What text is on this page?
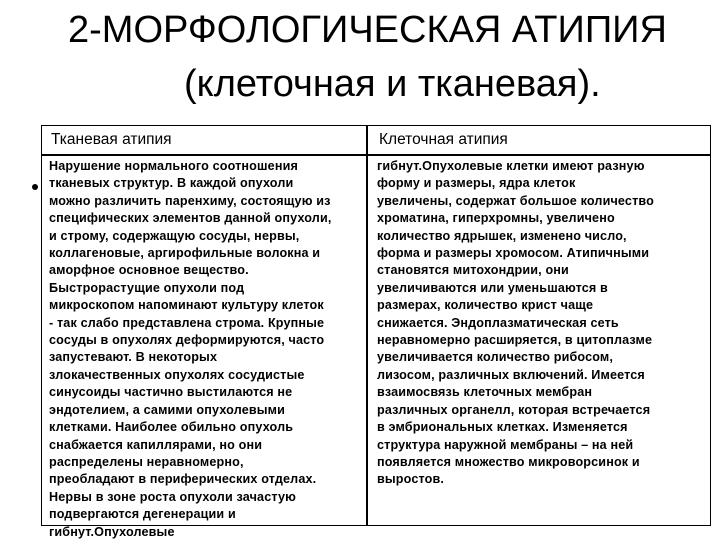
2-МОРФОЛОГИЧЕСКАЯ АТИПИЯ
(клеточная и тканевая).
Тканевая атипия	Клеточная атипия
Нарушение нормального соотношения
тканевых структур. В каждой опухоли
можно различить паренхиму, состоящую из
специфических элементов данной опухоли,
и строму, содержащую сосуды, нервы,
коллагеновые, аргирофильные волокна и
аморфное основное вещество.
Быстрорастущие опухоли под
микроскопом напоминают культуру клеток
- так слабо представлена строма. Крупные
сосуды в опухолях деформируются, часто
запустевают. В некоторых
злокачественных опухолях сосудистые
синусоиды частично выстилаются не
эндотелием, а самими опухолевыми
клетками. Наиболее обильно опухоль
снабжается капиллярами, но они
распределены неравномерно,
преобладают в периферических отделах.
Нервы в зоне роста опухоли зачастую
подвергаются дегенерации и
гибнут.Опухолевые
гибнут.Опухолевые клетки имеют разную
форму и размеры, ядра клеток
увеличены, содержат большое количество
хроматина, гиперхромны, увеличено
количество ядрышек, изменено число,
форма и размеры хромосом. Атипичными
становятся митохондрии, они
увеличиваются или уменьшаются в
размерах, количество крист чаще
снижается. Эндоплазматическая сеть
неравномерно расширяется, в цитоплазме
увеличивается количество рибосом,
лизосом, различных включений. Имеется
взаимосвязь клеточных мембран
различных органелл, которая встречается
в эмбриональных клетках. Изменяется
структура наружной мембраны – на ней
появляется множество микроворсинок и
выростов.
